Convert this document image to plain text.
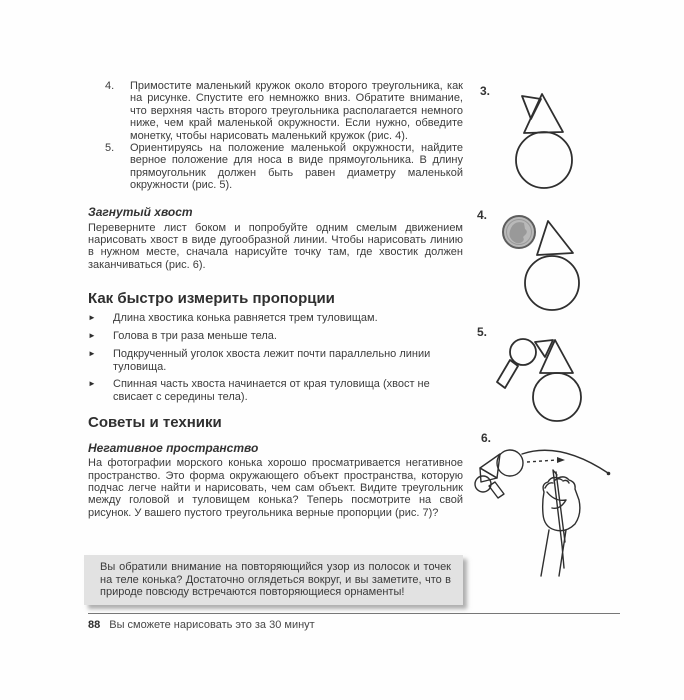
4.	Примостите маленький кружок около второго треугольника, как на рисунке. Спустите его немножко вниз. Обратите внимание, что верхняя часть второго треугольника располагается немного ниже, чем край маленькой окружности. Если нужно, обведите монетку, чтобы нарисовать маленький кружок (рис. 4).
5.	Ориентируясь на положение маленькой окружности, найдите верное положение для носа в виде прямоугольника. В длину прямоугольник должен быть равен диаметру маленькой окружности (рис. 5).
Загнутый хвост

Переверните лист боком и попробуйте одним смелым движением нарисовать хвост в виде дугообразной линии. Чтобы нарисовать линию в нужном месте, сначала нарисуйте точку там, где хвостик должен заканчиваться (рис. 6).

Как быстро измерить пропорции
►	Длина хвостика конька равняется трем туловищам.
►	Голова в три раза меньше тела.
►	Подкрученный уголок хвоста лежит почти параллельно линии туловища.
►	Спинная часть хвоста начинается от края туловища (хвост не свисает с середины тела).
Советы и техники
Негативное пространство

На фотографии морского конька хорошо просматривается негативное пространство. Это форма окружающего объект пространства, которую подчас легче найти и нарисовать, чем сам объект. Видите треугольник между головой и туловищем конька? Теперь посмотрите на свой рисунок. У вашего пустого треугольника верные пропорции (рис. 7)?

Вы обратили внимание на повторяющийся узор из полосок и точек на теле конька? Достаточно оглядеться вокруг, и вы заметите, что в природе повсюду встречаются повторяющиеся орнаменты!
88 Вы сможете нарисовать это за 30 минут
3.
4.
5.
6.
